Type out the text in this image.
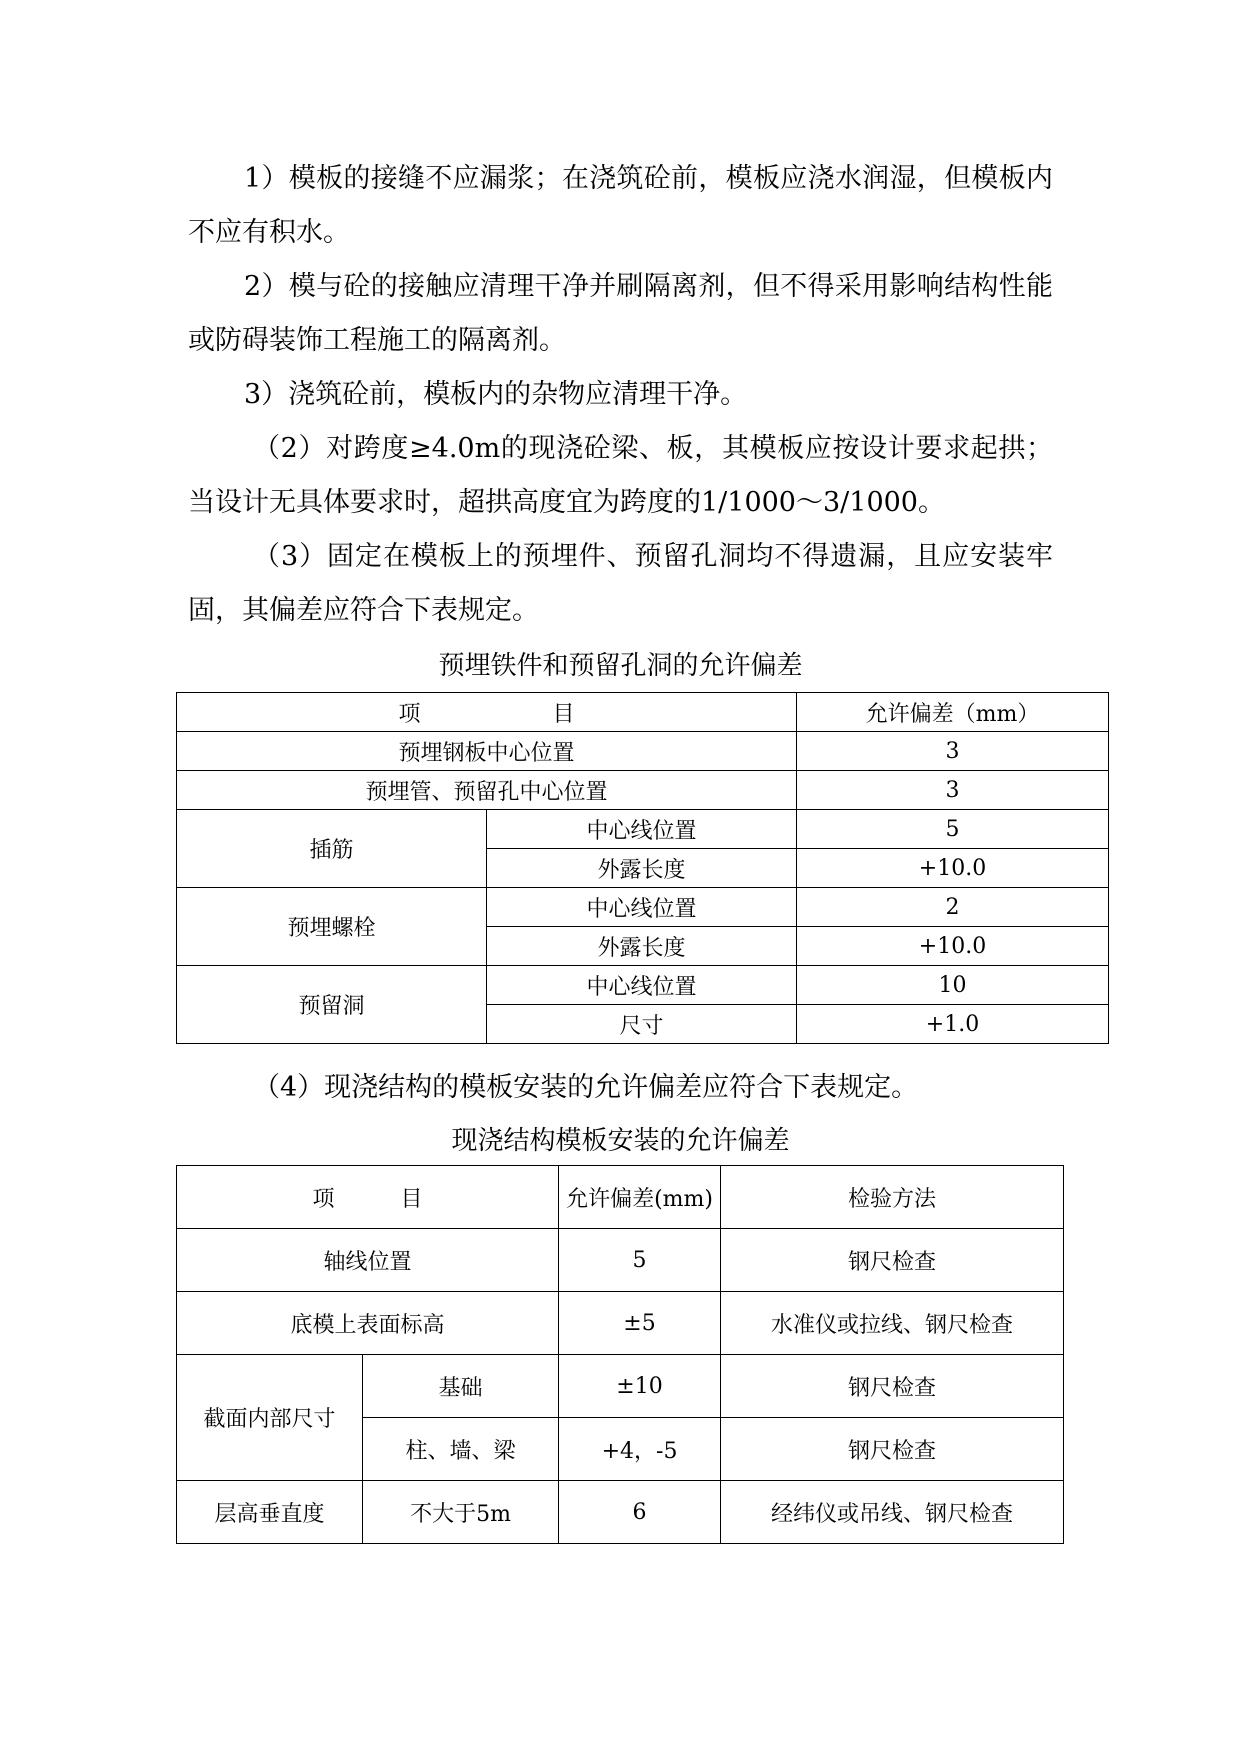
1）模板的接缝不应漏浆；在浇筑砼前，模板应浇水润湿，但模板内不应有积水。

2）模与砼的接触应清理干净并刷隔离剂，但不得采用影响结构性能或防碍装饰工程施工的隔离剂。

3）浇筑砼前，模板内的杂物应清理干净。

（2）对跨度≥4.0m的现浇砼梁、板，其模板应按设计要求起拱；当设计无具体要求时，超拱高度宜为跨度的1/1000～3/1000。

（3）固定在模板上的预埋件、预留孔洞均不得遗漏，且应安装牢固，其偏差应符合下表规定。

预埋铁件和预留孔洞的允许偏差
项　　　　　　目		允许偏差（mm）
预埋钢板中心位置		3
预埋管、预留孔中心位置		3
插筋	中心线位置	5
	外露长度	+10.0
预埋螺栓	中心线位置	2
	外露长度	+10.0
预留洞	中心线位置	10
	尺寸	+1.0

（4）现浇结构的模板安装的允许偏差应符合下表规定。

现浇结构模板安装的允许偏差
项　　　目		允许偏差(mm)	检验方法
轴线位置		5	钢尺检查
底模上表面标高		±5	水准仪或拉线、钢尺检查
截面内部尺寸	基础	±10	钢尺检查
	柱、墙、梁	+4，-5	钢尺检查
层高垂直度	不大于5m	6	经纬仪或吊线、钢尺检查
